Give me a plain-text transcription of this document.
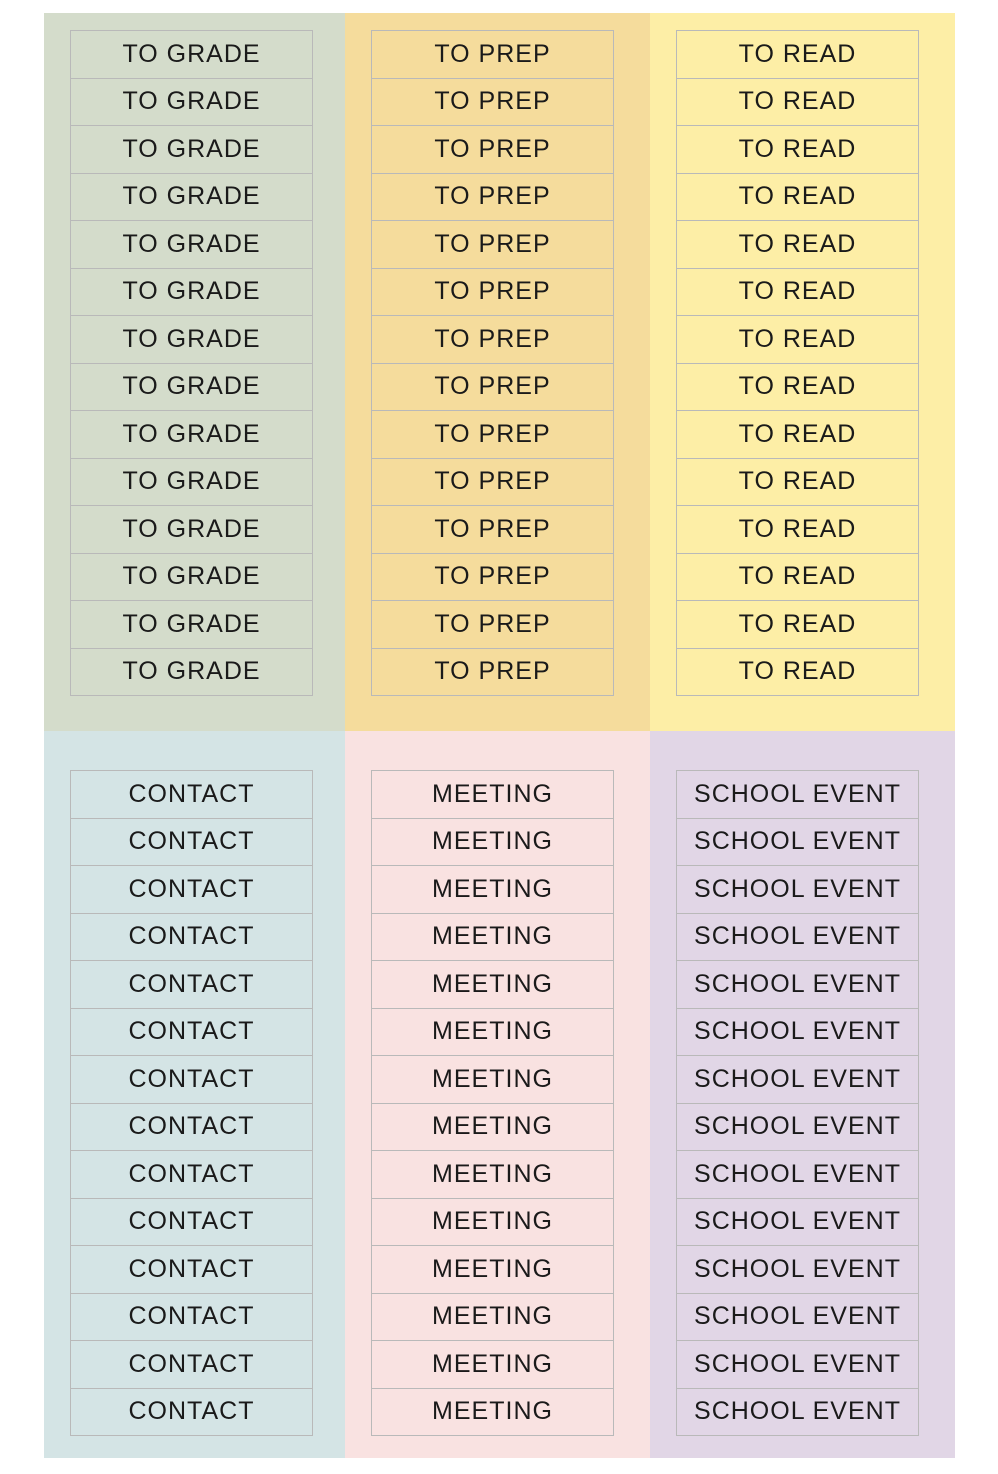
TO GRADE
TO GRADE
TO GRADE
TO GRADE
TO GRADE
TO GRADE
TO GRADE
TO GRADE
TO GRADE
TO GRADE
TO GRADE
TO GRADE
TO GRADE
TO GRADE
TO PREP
TO PREP
TO PREP
TO PREP
TO PREP
TO PREP
TO PREP
TO PREP
TO PREP
TO PREP
TO PREP
TO PREP
TO PREP
TO PREP
TO READ
TO READ
TO READ
TO READ
TO READ
TO READ
TO READ
TO READ
TO READ
TO READ
TO READ
TO READ
TO READ
TO READ
CONTACT
CONTACT
CONTACT
CONTACT
CONTACT
CONTACT
CONTACT
CONTACT
CONTACT
CONTACT
CONTACT
CONTACT
CONTACT
CONTACT
MEETING
MEETING
MEETING
MEETING
MEETING
MEETING
MEETING
MEETING
MEETING
MEETING
MEETING
MEETING
MEETING
MEETING
SCHOOL EVENT
SCHOOL EVENT
SCHOOL EVENT
SCHOOL EVENT
SCHOOL EVENT
SCHOOL EVENT
SCHOOL EVENT
SCHOOL EVENT
SCHOOL EVENT
SCHOOL EVENT
SCHOOL EVENT
SCHOOL EVENT
SCHOOL EVENT
SCHOOL EVENT
